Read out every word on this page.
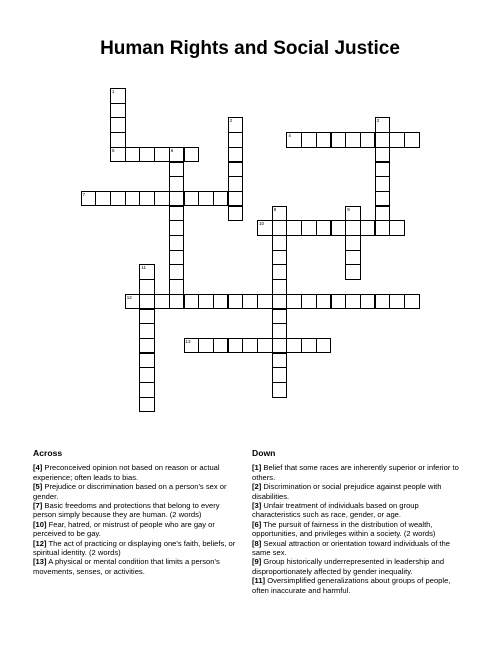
Human Rights and Social Justice
1
5
2	3
4
6
7
8	9
10
11
12
13
Across
[4] Preconceived opinion not based on reason or actual experience; often leads to bias.
[5] Prejudice or discrimination based on a person's sex or gender.
[7] Basic freedoms and protections that belong to every person simply because they are human. (2 words)
[10] Fear, hatred, or mistrust of people who are gay or perceived to be gay.
[12] The act of practicing or displaying one's faith, beliefs, or spiritual identity. (2 words)
[13] A physical or mental condition that limits a person's movements, senses, or activities.
Down
[1] Belief that some races are inherently superior or inferior to others.
[2] Discrimination or social prejudice against people with disabilities.
[3] Unfair treatment of individuals based on group characteristics such as race, gender, or age.
[6] The pursuit of fairness in the distribution of wealth, opportunities, and privileges within a society. (2 words)
[8] Sexual attraction or orientation toward individuals of the same sex.
[9] Group historically underrepresented in leadership and disproportionately affected by gender inequality.
[11] Oversimplified generalizations about groups of people, often inaccurate and harmful.
